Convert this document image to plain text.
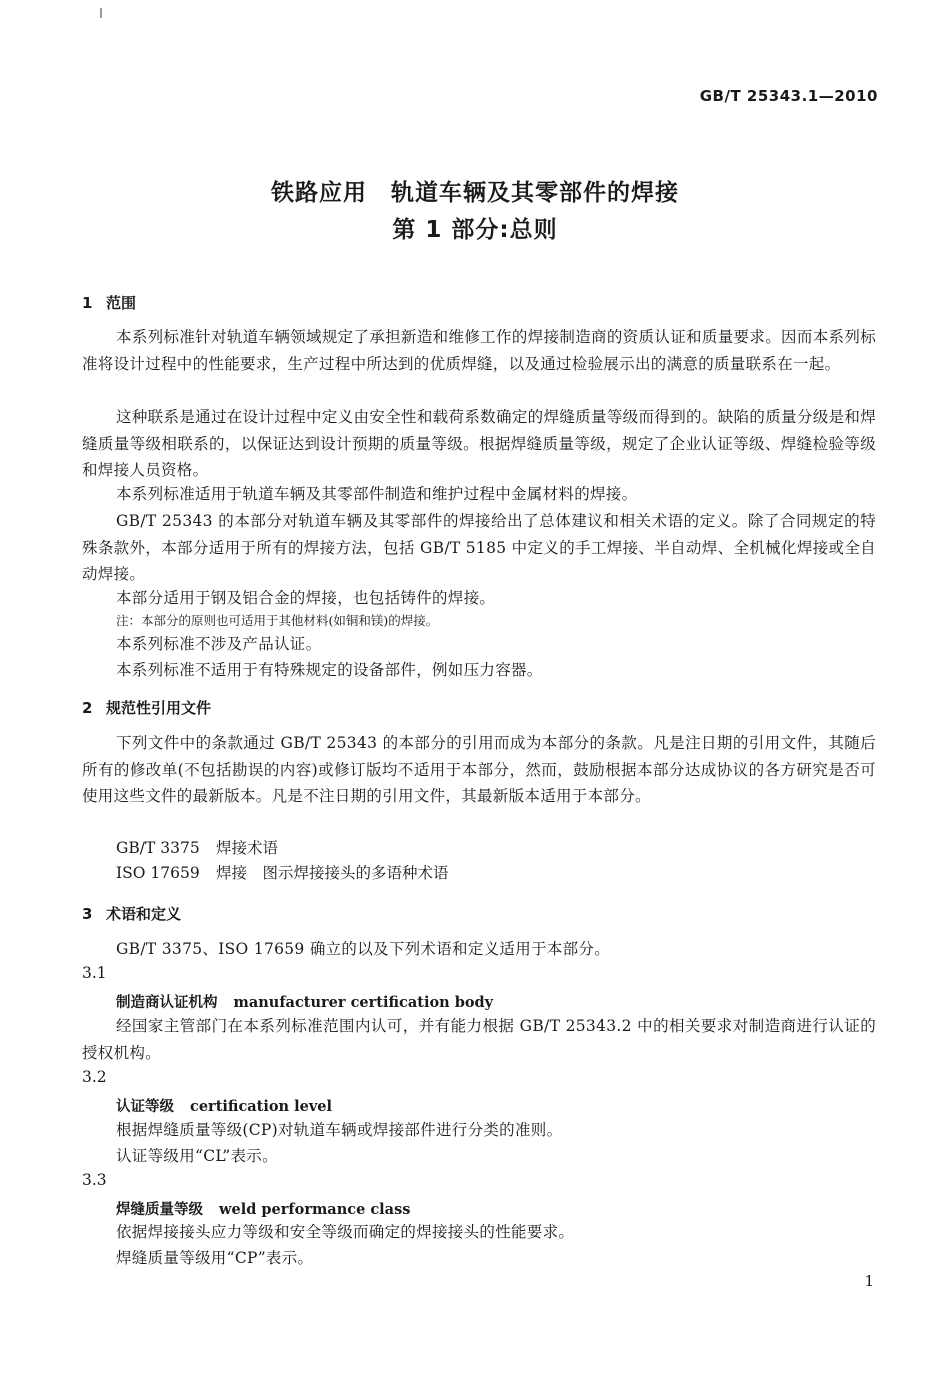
GB/T 25343.1—2010
铁路应用　轨道车辆及其零部件的焊接
第 1 部分:总则
1 范围
本系列标准针对轨道车辆领域规定了承担新造和维修工作的焊接制造商的资质认证和质量要求。因而本系列标准将设计过程中的性能要求，生产过程中所达到的优质焊缝，以及通过检验展示出的满意的质量联系在一起。
这种联系是通过在设计过程中定义由安全性和载荷系数确定的焊缝质量等级而得到的。缺陷的质量分级是和焊缝质量等级相联系的，以保证达到设计预期的质量等级。根据焊缝质量等级，规定了企业认证等级、焊缝检验等级和焊接人员资格。
本系列标准适用于轨道车辆及其零部件制造和维护过程中金属材料的焊接。
GB/T 25343 的本部分对轨道车辆及其零部件的焊接给出了总体建议和相关术语的定义。除了合同规定的特殊条款外，本部分适用于所有的焊接方法，包括 GB/T 5185 中定义的手工焊接、半自动焊、全机械化焊接或全自动焊接。
本部分适用于钢及铝合金的焊接，也包括铸件的焊接。
注：本部分的原则也可适用于其他材料(如铜和镁)的焊接。
本系列标准不涉及产品认证。
本系列标准不适用于有特殊规定的设备部件，例如压力容器。
2 规范性引用文件
下列文件中的条款通过 GB/T 25343 的本部分的引用而成为本部分的条款。凡是注日期的引用文件，其随后所有的修改单(不包括勘误的内容)或修订版均不适用于本部分，然而，鼓励根据本部分达成协议的各方研究是否可使用这些文件的最新版本。凡是不注日期的引用文件，其最新版本适用于本部分。
GB/T 3375 焊接术语
ISO 17659 焊接　图示焊接接头的多语种术语
3 术语和定义
GB/T 3375、ISO 17659 确立的以及下列术语和定义适用于本部分。
3.1
制造商认证机构 manufacturer certification body
经国家主管部门在本系列标准范围内认可，并有能力根据 GB/T 25343.2 中的相关要求对制造商进行认证的授权机构。
3.2
认证等级 certification level
根据焊缝质量等级(CP)对轨道车辆或焊接部件进行分类的准则。
认证等级用“CL”表示。
3.3
焊缝质量等级 weld performance class
依据焊接接头应力等级和安全等级而确定的焊接接头的性能要求。
焊缝质量等级用“CP”表示。
1
